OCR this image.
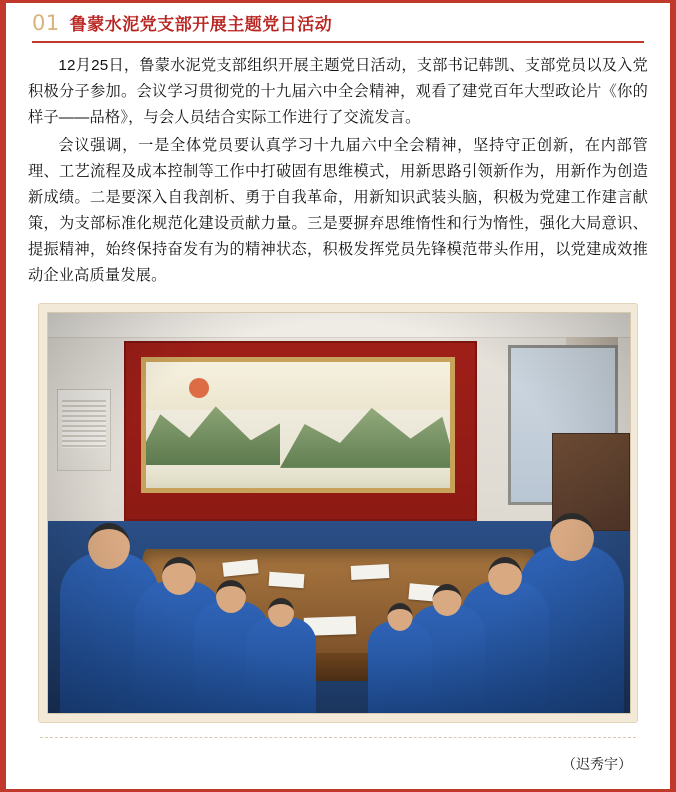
01 鲁蒙水泥党支部开展主题党日活动

12月25日，鲁蒙水泥党支部组织开展主题党日活动，支部书记韩凯、支部党员以及入党积极分子参加。会议学习贯彻党的十九届六中全会精神，观看了建党百年大型政论片《你的样子——品格》，与会人员结合实际工作进行了交流发言。

会议强调，一是全体党员要认真学习十九届六中全会精神，坚持守正创新，在内部管理、工艺流程及成本控制等工作中打破固有思维模式，用新思路引领新作为，用新作为创造新成绩。二是要深入自我剖析、勇于自我革命，用新知识武装头脑，积极为党建工作建言献策，为支部标准化规范化建设贡献力量。三是要摒弃思维惰性和行为惰性，强化大局意识、提振精神，始终保持奋发有为的精神状态，积极发挥党员先锋模范带头作用，以党建成效推动企业高质量发展。

（迟秀宇）
